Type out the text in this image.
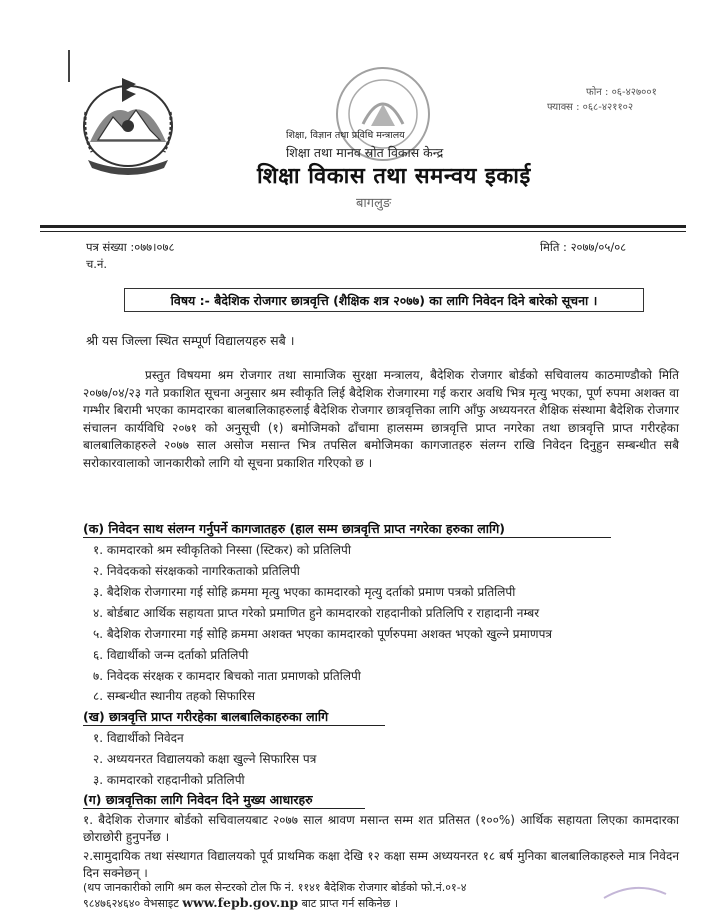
फोन : ०६-४२७००१
फ्याक्स : ०६८-४२११०२
शिक्षा, विज्ञान तथा प्रविधि मन्त्रालय
शिक्षा तथा मानव स्रोत विकास केन्द्र
शिक्षा विकास तथा समन्वय इकाई
बागलुङ
पत्र संख्या :०७७।०७८
च.नं.
मिति : २०७७/०५/०८
विषय :- बैदेशिक रोजगार छात्रवृत्ति (शैक्षिक शत्र २०७७) का लागि निवेदन दिने बारेको सूचना ।
श्री यस जिल्ला स्थित सम्पूर्ण विद्यालयहरु सबै ।
प्रस्तुत विषयमा श्रम रोजगार तथा सामाजिक सुरक्षा मन्त्रालय, बैदेशिक रोजगार बोर्डको सचिवालय काठमाण्डौको मिति २०७७/०४/२३ गते प्रकाशित सूचना अनुसार श्रम स्वीकृति लिई बैदेशिक रोजगारमा गई करार अवधि भित्र मृत्यु भएका, पूर्ण रुपमा अशक्त वा गम्भीर बिरामी भएका कामदारका बालबालिकाहरुलाई बैदेशिक रोजगार छात्रवृत्तिका लागि आँफु अध्ययनरत शैक्षिक संस्थामा बैदेशिक रोजगार संचालन कार्यविधि २०७१ को अनुसूची (१) बमोजिमको ढाँचामा हालसम्म छात्रवृत्ति प्राप्त नगरेका तथा छात्रवृत्ति प्राप्त गरीरहेका बालबालिकाहरुले २०७७ साल असोज मसान्त भित्र तपसिल बमोजिमका कागजातहरु संलग्न राखि निवेदन दिनुहुन सम्बन्धीत सबै सरोकारवालाको जानकारीको लागि यो सूचना प्रकाशित गरिएको छ ।
(क) निवेदन साथ संलग्न गर्नुपर्ने कागजातहरु (हाल सम्म छात्रवृत्ति प्राप्त नगरेका हरुका लागि)
१. कामदारको श्रम स्वीकृतिको निस्सा (स्टिकर) को प्रतिलिपी
२. निवेदकको संरक्षकको नागरिकताको प्रतिलिपी
३. बैदेशिक रोजगारमा गई सोहि क्रममा मृत्यु भएका कामदारको मृत्यु दर्ताको प्रमाण पत्रको प्रतिलिपी
४. बोर्डबाट आर्थिक सहायता प्राप्त गरेको प्रमाणित हुने कामदारको राहदानीको प्रतिलिपि र राहादानी नम्बर
५. बैदेशिक रोजगारमा गई सोहि क्रममा अशक्त भएका कामदारको पूर्णरुपमा अशक्त भएको खुल्ने प्रमाणपत्र
६. विद्यार्थीको जन्म दर्ताको प्रतिलिपी
७. निवेदक संरक्षक र कामदार बिचको नाता प्रमाणको प्रतिलिपी
८. सम्बन्धीत स्थानीय तहको सिफारिस
(ख) छात्रवृत्ति प्राप्त गरीरहेका बालबालिकाहरुका लागि
१. विद्यार्थीको निवेदन
२. अध्ययनरत विद्यालयको कक्षा खुल्ने सिफारिस पत्र
३. कामदारको राहदानीको प्रतिलिपी
(ग) छात्रवृत्तिका लागि निवेदन दिने मुख्य आधारहरु
१. बैदेशिक रोजगार बोर्डको सचिवालयबाट २०७७ साल श्रावण मसान्त सम्म शत प्रतिसत (१००%) आर्थिक सहायता लिएका कामदारका छोराछोरी हुनुपर्नेछ ।
२.सामुदायिक तथा संस्थागत विद्यालयको पूर्व प्राथमिक कक्षा देखि १२ कक्षा सम्म अध्ययनरत १८ बर्ष मुनिका बालबालिकाहरुले मात्र निवेदन दिन सक्नेछन् ।
(थप जानकारीको लागि श्रम कल सेन्टरको टोल फि नं. ११४१ बैदेशिक रोजगार बोर्डको फो.नं.०१-४
९८४७६२४६४० वेभसाइट www.fepb.gov.np बाट प्राप्त गर्न सकिनेछ ।
